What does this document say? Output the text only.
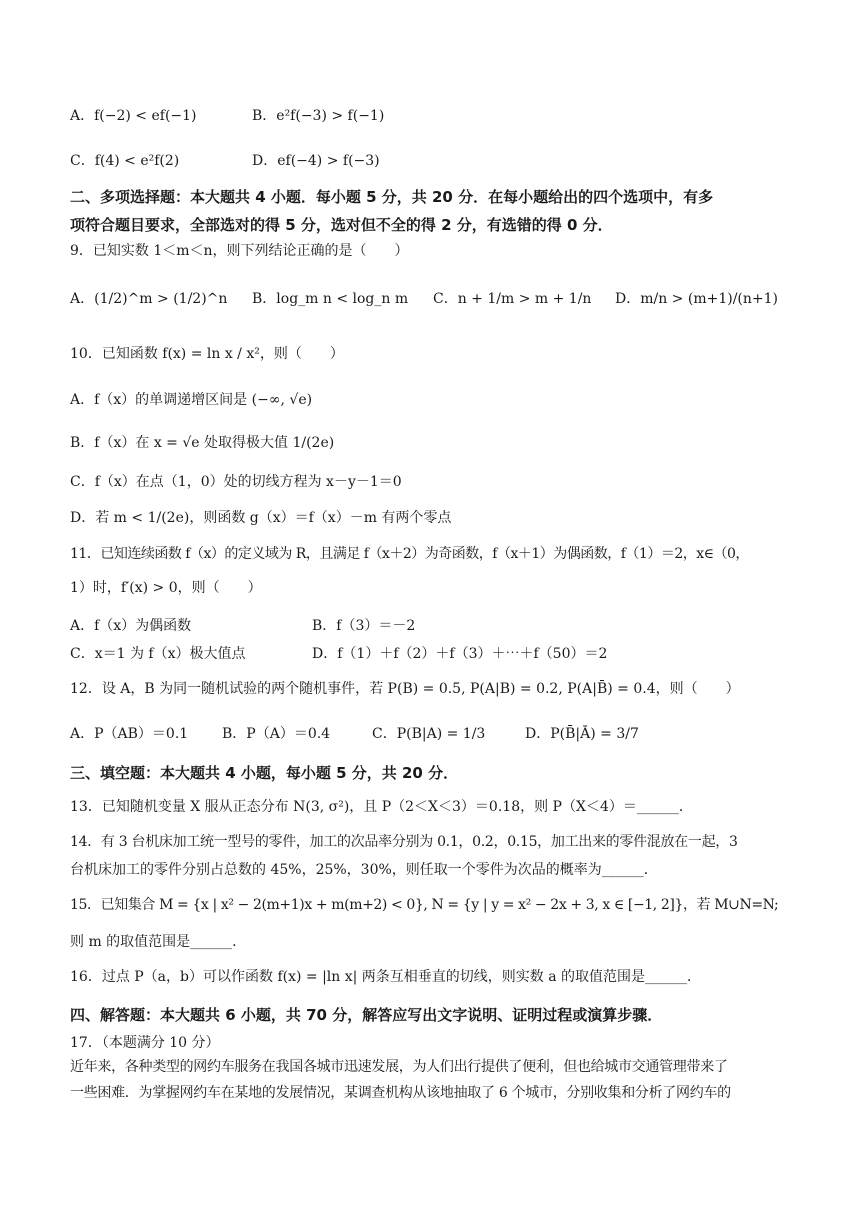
A．f(−2) < ef(−1)	B．e²f(−3) > f(−1)
C．f(4) < e²f(2)	D．ef(−4) > f(−3)
二、多项选择题：本大题共 4 小题．每小题 5 分，共 20 分．在每小题给出的四个选项中，有多
项符合题目要求，全部选对的得 5 分，选对但不全的得 2 分，有选错的得 0 分．
9．已知实数 1＜m＜n，则下列结论正确的是（　　）
A．(1/2)^m > (1/2)^n B．log_m n < log_n m C．n + 1/m > m + 1/n D．m/n > (m+1)/(n+1)
10．已知函数 f(x) = ln x / x²，则（　　）
A．f（x）的单调递增区间是 (−∞, √e)
B．f（x）在 x = √e 处取得极大值 1/(2e)
C．f（x）在点（1，0）处的切线方程为 x－y－1＝0
D．若 m < 1/(2e)，则函数 g（x）＝f（x）－m 有两个零点
11．已知连续函数 f（x）的定义域为 R，且满足 f（x＋2）为奇函数，f（x＋1）为偶函数，f（1）＝2，x∈（0，
1）时，f′(x) > 0，则（　　）
A．f（x）为偶函数	B．f（3）＝－2
C．x＝1 为 f（x）极大值点	D．f（1）＋f（2）＋f（3）＋⋯＋f（50）＝2
12．设 A，B 为同一随机试验的两个随机事件，若 P(B) = 0.5, P(A|B) = 0.2, P(A|B̄) = 0.4，则（　　）
A．P（AB）＝0.1 B．P（A）＝0.4	C．P(B|A) = 1/3	D．P(B̄|Ā) = 3/7
三、填空题：本大题共 4 小题，每小题 5 分，共 20 分．
13．已知随机变量 X 服从正态分布 N(3, σ²)，且 P（2＜X＜3）＝0.18，则 P（X＜4）＝______．
14．有 3 台机床加工统一型号的零件，加工的次品率分别为 0.1，0.2，0.15，加工出来的零件混放在一起，3
台机床加工的零件分别占总数的 45%，25%，30%，则任取一个零件为次品的概率为______．
15．已知集合 M = {x | x² − 2(m+1)x + m(m+2) < 0}, N = {y | y = x² − 2x + 3, x ∈ [−1, 2]}，若 M∪N=N;
则 m 的取值范围是______．
16．过点 P（a，b）可以作函数 f(x) = |ln x| 两条互相垂直的切线，则实数 a 的取值范围是______．
四、解答题：本大题共 6 小题，共 70 分，解答应写出文字说明、证明过程或演算步骤．
17．（本题满分 10 分）
近年来，各种类型的网约车服务在我国各城市迅速发展，为人们出行提供了便利，但也给城市交通管理带来了
一些困难．为掌握网约车在某地的发展情况，某调查机构从该地抽取了 6 个城市，分别收集和分析了网约车的
